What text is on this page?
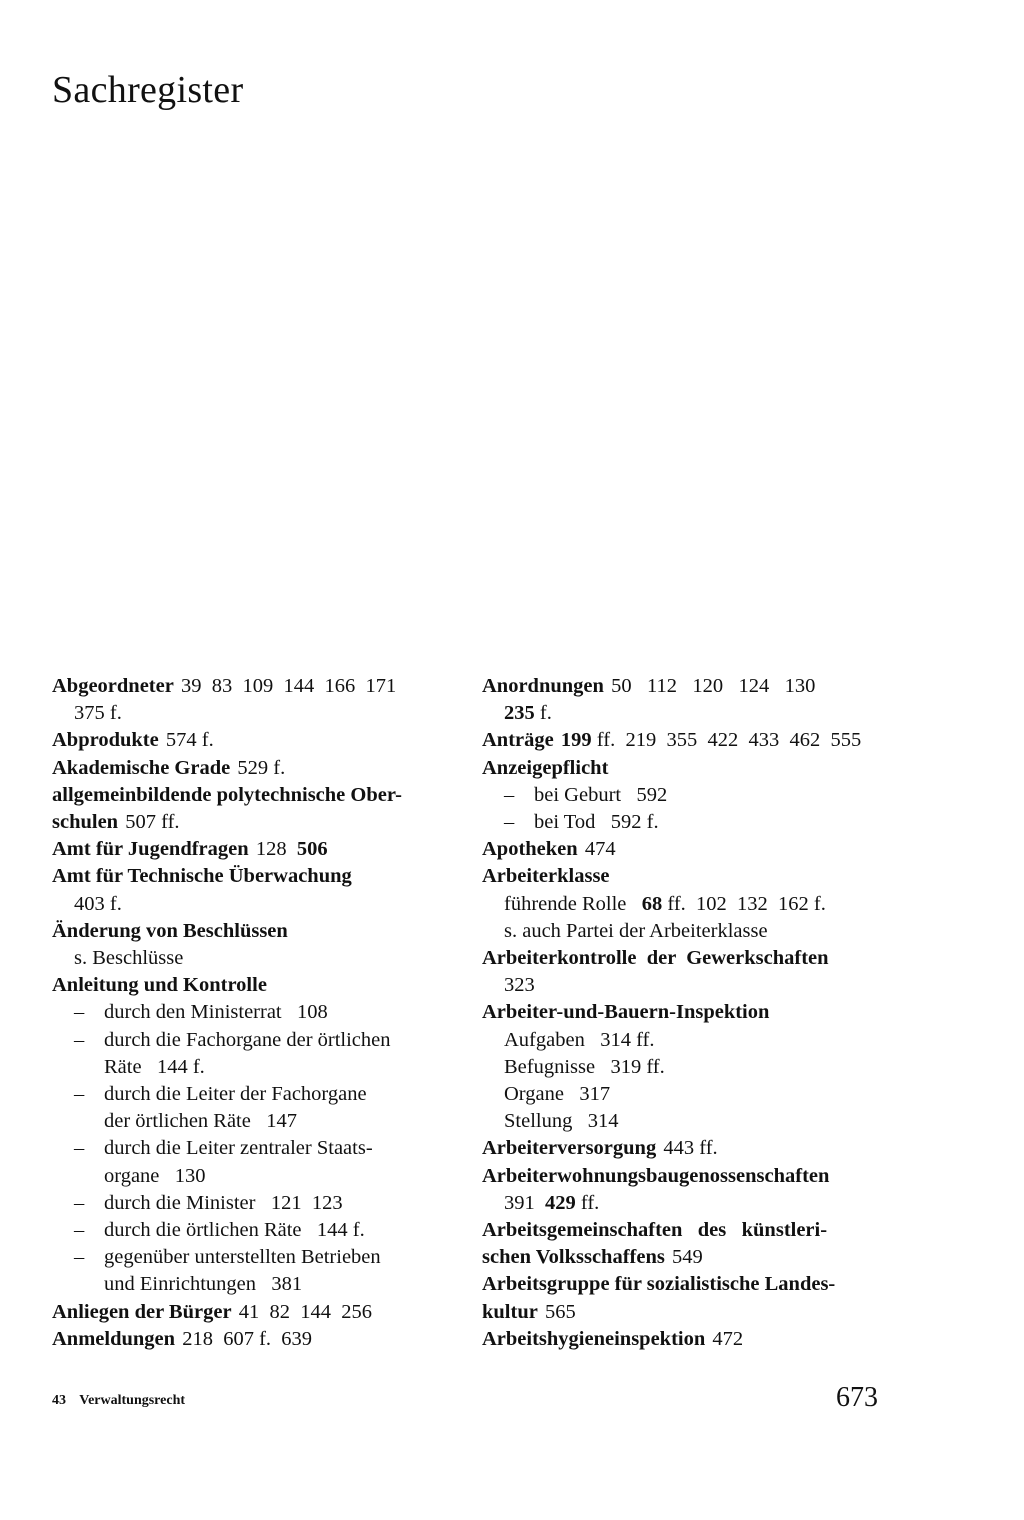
Sachregister
Abgeordneter 39  83  109  144  166  171
375 f.
Abprodukte 574 f.
Akademische Grade 529 f.
allgemeinbildende polytechnische Ober-
schulen 507 ff.
Amt für Jugendfragen 128 506
Amt für Technische Überwachung
403 f.
Änderung von Beschlüssen
s. Beschlüsse
Anleitung und Kontrolle
– durch den Ministerrat   108
– durch die Fachorgane der örtlichen
Räte   144 f.
– durch die Leiter der Fachorgane
der örtlichen Räte   147
– durch die Leiter zentraler Staats-
organe   130
– durch die Minister   121  123
– durch die örtlichen Räte   144 f.
– gegenüber unterstellten Betrieben
und Einrichtungen   381
Anliegen der Bürger 41  82  144  256
Anmeldungen 218  607 f.  639
Anordnungen 50   112   120   124   130
235 f.
Anträge 199 ff.  219  355  422  433  462  555
Anzeigepflicht
– bei Geburt   592
– bei Tod   592 f.
Apotheken 474
Arbeiterklasse
führende Rolle   68 ff.  102  132  162 f.
s. auch Partei der Arbeiterklasse
Arbeiterkontrolle  der  Gewerkschaften
323
Arbeiter-und-Bauern-Inspektion
Aufgaben   314 ff.
Befugnisse   319 ff.
Organe   317
Stellung   314
Arbeiterversorgung 443 ff.
Arbeiterwohnungsbaugenossenschaften
391  429 ff.
Arbeitsgemeinschaften   des   künstleri-
schen Volksschaffens 549
Arbeitsgruppe für sozialistische Landes-
kultur 565
Arbeitshygieneinspektion 472
43 Verwaltungsrecht	673
